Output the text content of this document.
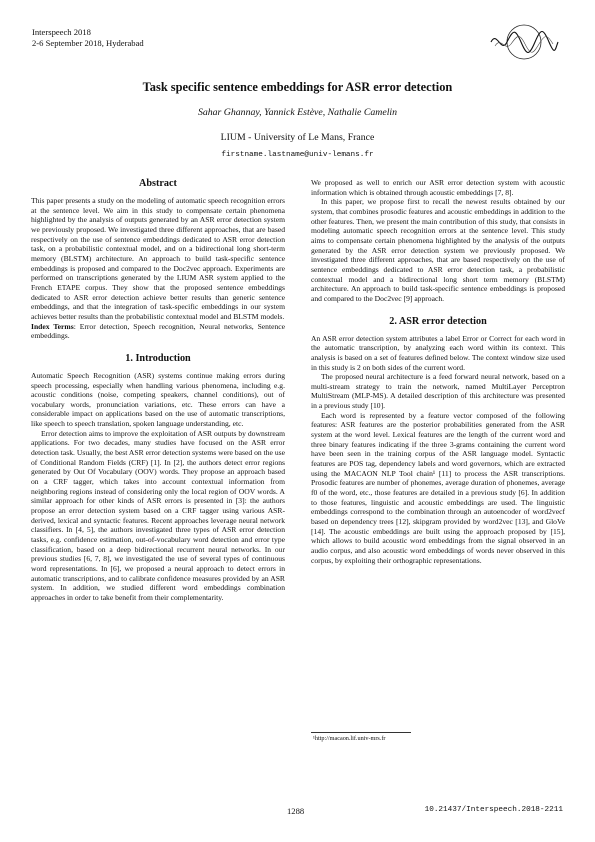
Interspeech 2018
2-6 September 2018, Hyderabad
Task specific sentence embeddings for ASR error detection
Sahar Ghannay, Yannick Estève, Nathalie Camelin
LIUM - University of Le Mans, France
firstname.lastname@univ-lemans.fr
Abstract

This paper presents a study on the modeling of automatic speech recognition errors at the sentence level. We aim in this study to compensate certain phenomena highlighted by the analysis of outputs generated by an ASR error detection system we previously proposed. We investigated three different approaches, that are based respectively on the use of sentence embeddings dedicated to ASR error detection task, on a probabilistic contextual model, and on a bidirectional long short-term memory (BLSTM) architecture. An approach to build task-specific sentence embeddings is proposed and compared to the Doc2vec approach. Experiments are performed on transcriptions generated by the LIUM ASR system applied to the French ETAPE corpus. They show that the proposed sentence embeddings dedicated to ASR error detection achieve better results than generic sentence embeddings, and that the integration of task-specific embeddings in our system achieves better results than the probabilistic contextual model and BLSTM models.

Index Terms: Error detection, Speech recognition, Neural networks, Sentence embeddings.

1. Introduction

Automatic Speech Recognition (ASR) systems continue making errors during speech processing, especially when handling various phenomena, including e.g. acoustic conditions (noise, competing speakers, channel conditions), out of vocabulary words, pronunciation variations, etc. These errors can have a considerable impact on applications based on the use of automatic transcriptions, like speech to speech translation, spoken language understanding, etc.

Error detection aims to improve the exploitation of ASR outputs by downstream applications. For two decades, many studies have focused on the ASR error detection task. Usually, the best ASR error detection systems were based on the use of Conditional Random Fields (CRF) [1]. In [2], the authors detect error regions generated by Out Of Vocabulary (OOV) words. They propose an approach based on a CRF tagger, which takes into account contextual information from neighboring regions instead of considering only the local region of OOV words. A similar approach for other kinds of ASR errors is presented in [3]: the authors propose an error detection system based on a CRF tagger using various ASR-derived, lexical and syntactic features. Recent approaches leverage neural network classifiers. In [4, 5], the authors investigated three types of ASR error detection tasks, e.g. confidence estimation, out-of-vocabulary word detection and error type classification, based on a deep bidirectional recurrent neural networks. In our previous studies [6, 7, 8], we investigated the use of several types of continuous word representations. In [6], we proposed a neural approach to detect errors in automatic transcriptions, and to calibrate confidence measures provided by an ASR system. In addition, we studied different word embeddings combination approaches in order to take benefit from their complementarity.

We proposed as well to enrich our ASR error detection system with acoustic information which is obtained through acoustic embeddings [7, 8].

In this paper, we propose first to recall the newest results obtained by our system, that combines prosodic features and acoustic embeddings in addition to the other features. Then, we present the main contribution of this study, that consists in modeling automatic speech recognition errors at the sentence level. This study aims to compensate certain phenomena highlighted by the analysis of the outputs generated by the ASR error detection system we previously proposed. We investigated three different approaches, that are based respectively on the use of sentence embeddings dedicated to ASR error detection task, a probabilistic contextual model and a bidirectional long short term memory (BLSTM) architecture. An approach to build task-specific sentence embeddings is proposed and compared to the Doc2vec [9] approach.

2. ASR error detection

An ASR error detection system attributes a label Error or Correct for each word in the automatic transcription, by analyzing each word within its context. This analysis is based on a set of features defined below. The context window size used in this study is 2 on both sides of the current word.

The proposed neural architecture is a feed forward neural network, based on a multi-stream strategy to train the network, named MultiLayer Perceptron MultiStream (MLP-MS). A detailed description of this architecture was presented in a previous study [10].

Each word is represented by a feature vector composed of the following features: ASR features are the posterior probabilities generated from the ASR system at the word level. Lexical features are the length of the current word and three binary features indicating if the three 3-grams containing the current word have been seen in the training corpus of the ASR language model. Syntactic features are POS tag, dependency labels and word governors, which are extracted using the MACAON NLP Tool chain¹ [11] to process the ASR transcriptions. Prosodic features are number of phonemes, average duration of phonemes, average f0 of the word, etc., those features are detailed in a previous study [6]. In addition to those features, linguistic and acoustic embeddings are used. The linguistic embeddings correspond to the combination through an autoencoder of word2vecf based on dependency trees [12], skipgram provided by word2vec [13], and GloVe [14]. The acoustic embeddings are built using the approach proposed by [15], which allows to build acoustic word embeddings from the signal observed in an audio corpus, and also acoustic word embeddings of words never observed in this corpus, by exploiting their orthographic representations.

¹http://macaon.lif.univ-mrs.fr
1288	10.21437/Interspeech.2018-2211
